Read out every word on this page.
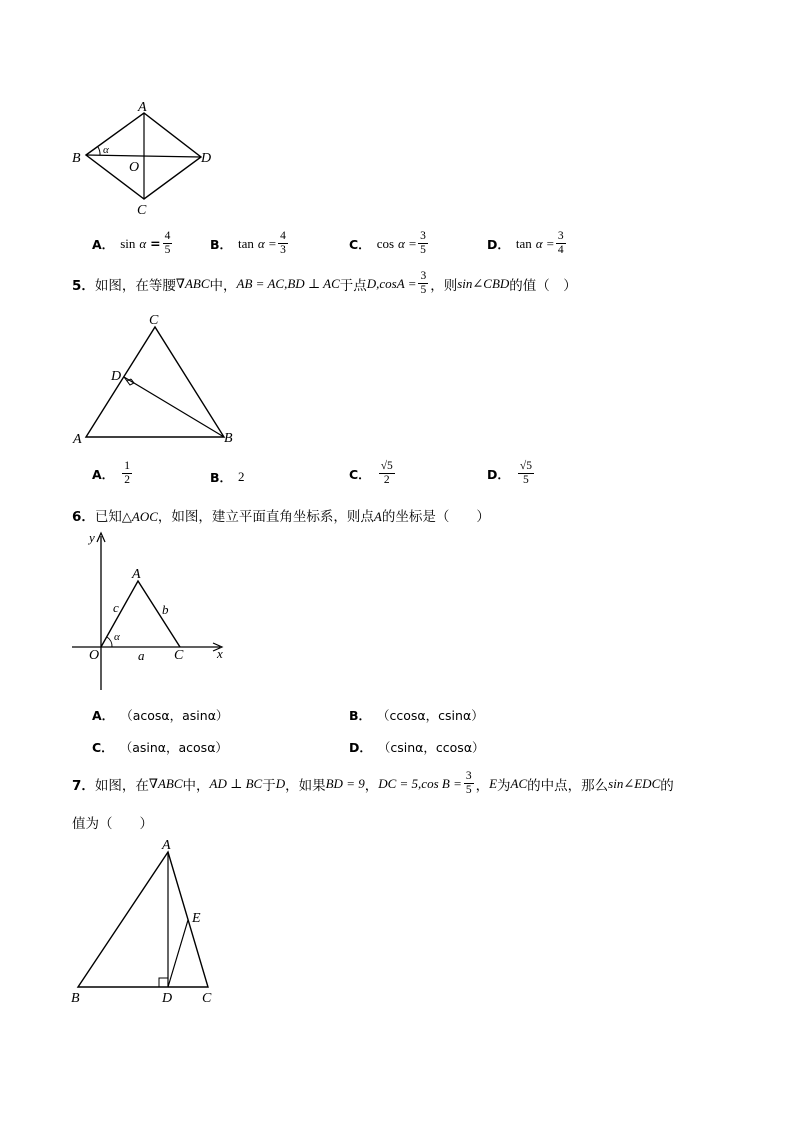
A
B
C
D
O
α
A． sin
α
= $\frac{4}{5}$	B． tan
α
= $\frac{4}{3}$	C． cos
α
= $\frac{3}{5}$	D． tan
α
= $\frac{3}{4}$
5． 如图，在等腰 ∇ABC 中， AB = AC,BD ⊥ AC 于点 $D,\cos A = \frac{3}{5}$ ，则 sin∠CBD 的值（　）
C
D
A	B
A． $\frac{1}{2}$	B． 2	C． $\frac{√5}{2}$	D． $\frac{√5}{5}$
6．已知△AOC，如图，建立平面直角坐标系，则点A的坐标是（　　）
y
x
O
A
C
a
b
c
α
A． （acosα，asinα）	B． （ccosα，csinα）
C． （asinα，acosα）	D． （csinα，ccosα）
7． 如图，在 ∇ABC 中， AD ⊥ BC 于 D ，如果 BD = 9 ， DC = 5,cos $B = \frac{3}{5}$ ， E 为 AC 的中点，那么 sin∠EDC 的
值为（　　）
A
E
B	D C
